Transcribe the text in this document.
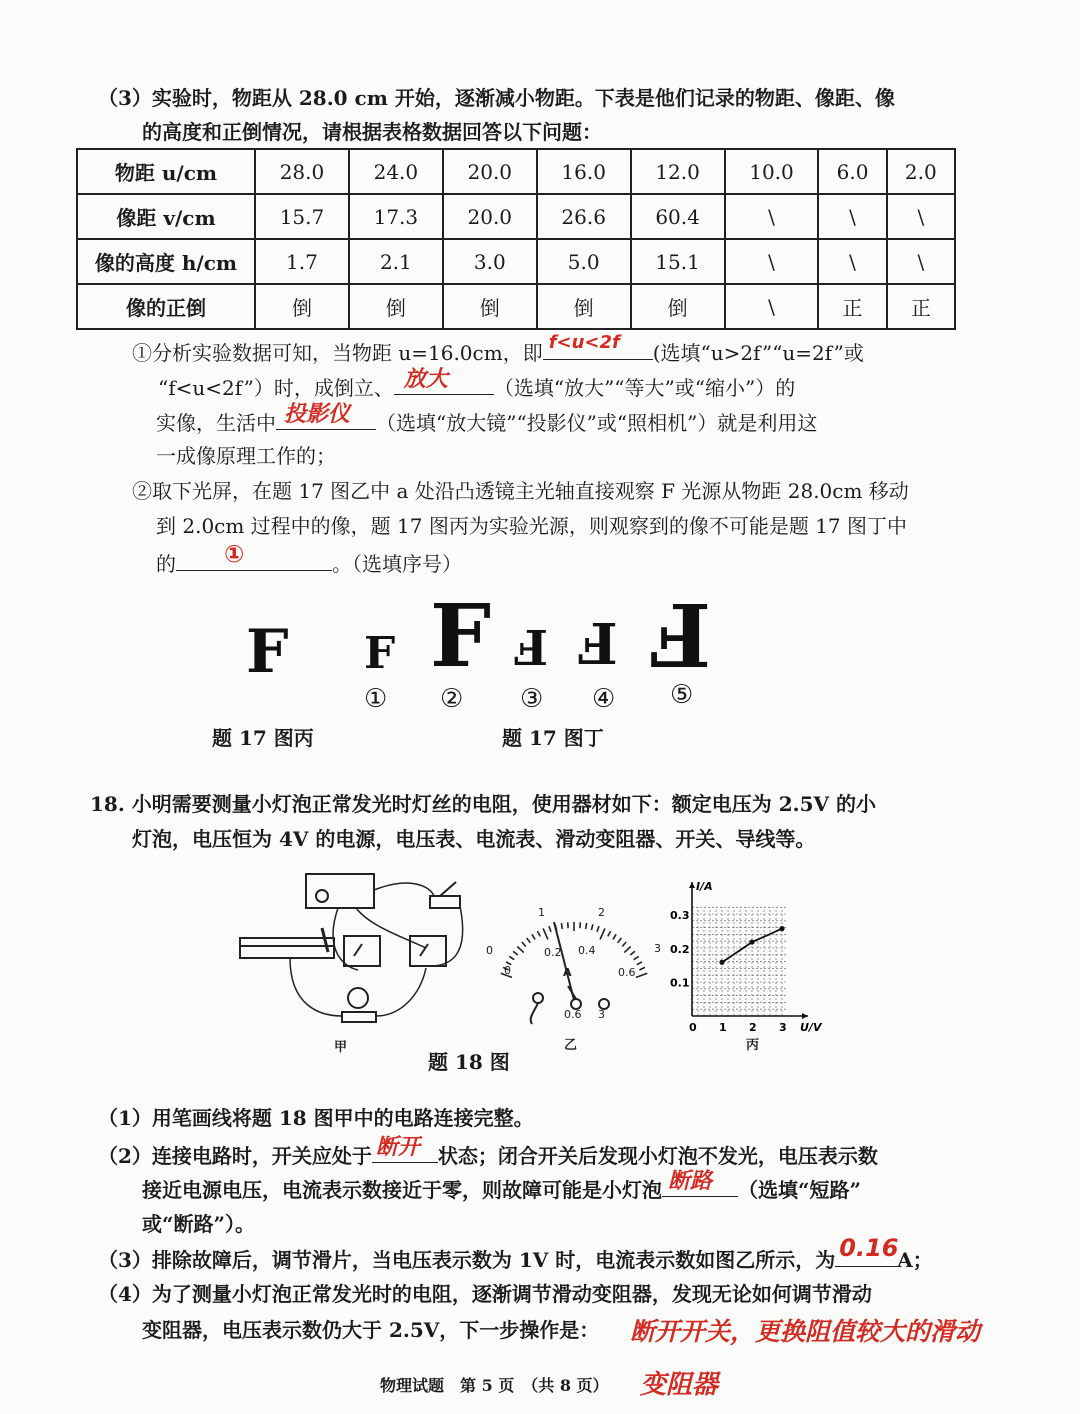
（3）实验时，物距从 28.0 cm 开始，逐渐减小物距。下表是他们记录的物距、像距、像
的高度和正倒情况，请根据表格数据回答以下问题：
物距 u/cm	28.0	24.0	20.0	16.0	12.0	10.0	6.0	2.0
像距 v/cm	15.7	17.3	20.0	26.6	60.4	\	\	\
像的高度 h/cm	1.7	2.1	3.0	5.0	15.1	\	\	\
像的正倒	倒	倒	倒	倒	倒	\	正	正
①分析实验数据可知，当物距 u=16.0cm，即 f<u<2f (选填“u>2f”“u=2f”或
“f<u<2f”）时，成倒立、 放大 （选填“放大”“等大”或“缩小”）的
实像，生活中 投影仪 （选填“放大镜”“投影仪”或“照相机”）就是利用这
一成像原理工作的；
②取下光屏，在题 17 图乙中 a 处沿凸透镜主光轴直接观察 F 光源从物距 28.0cm 移动
到 2.0cm 过程中的像，题 17 图丙为实验光源，则观察到的像不可能是题 17 图丁中
的 ①	。（选填序号）
F F F F F F
① ② ③ ④ ⑤
题 17 图丙	题 17 图丁
18. 小明需要测量小灯泡正常发光时灯丝的电阻，使用器材如下：额定电压为 2.5V 的小
灯泡，电压恒为 4V 的电源，电压表、电流表、滑动变阻器、开关、导线等。
甲
0
1	2
3
0
0.2 0.4
0.6
A
0.6 3
乙
0.1
0.2
0.3
0 1 2 3
I/A
U/V
丙
题 18 图
（1）用笔画线将题 18 图甲中的电路连接完整。
（2）连接电路时，开关应处于 断开 状态；闭合开关后发现小灯泡不发光，电压表示数
接近电源电压，电流表示数接近于零，则故障可能是小灯泡 断路 （选填“短路”
或“断路”）。
（3）排除故障后，调节滑片，当电压表示数为 1V 时，电流表示数如图乙所示，为 0.16
A；
（4）为了测量小灯泡正常发光时的电阻，逐渐调节滑动变阻器，发现无论如何调节滑动
变阻器，电压表示数仍大于 2.5V，下一步操作是： 断开开关，更换阻值较大的滑动
变阻器
物理试题　第 5 页　（共 8 页）
